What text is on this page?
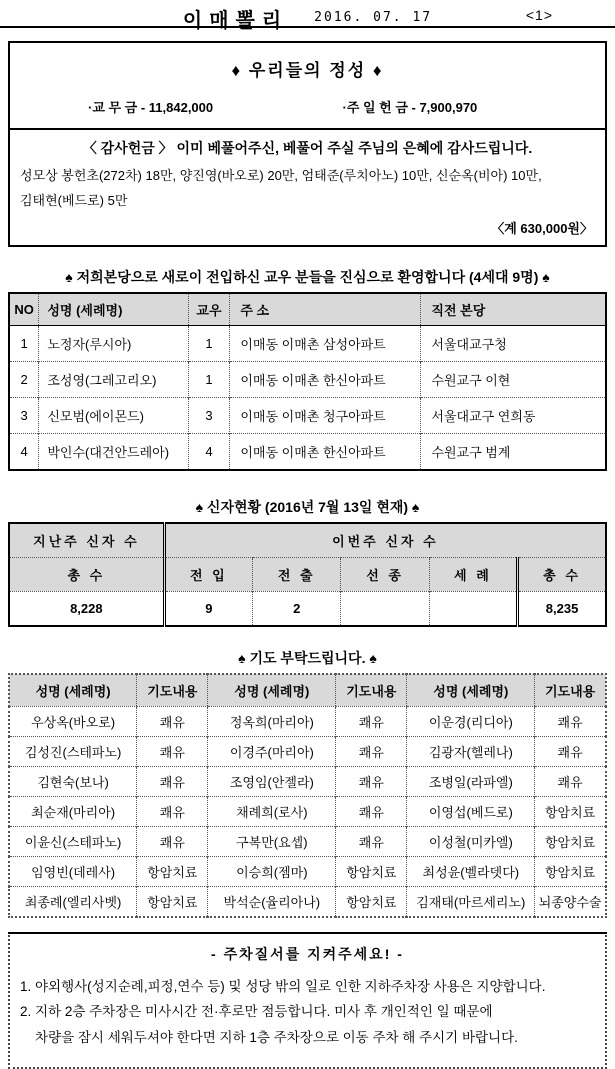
이매뽈리 2016. 07. 17	<1>
♦ 우리들의 정성 ♦
·교 무 금 - 11,842,000	·주 일 헌 금 - 7,900,970
〈 감사헌금 〉 이미 베풀어주신, 베풀어 주실 주님의 은혜에 감사드립니다.
성모상 봉헌초(272차) 18만, 양진영(바오로) 20만, 엄태준(루치아노) 10만, 신순옥(비아) 10만,
김태현(베드로) 5만
〈계 630,000원〉
♠ 저희본당으로 새로이 전입하신 교우 분들을 진심으로 환영합니다 (4세대 9명) ♠
NO	성명 (세례명)	교우	주 소	직전 본당
1	노정자(루시아)	1	이매동 이매촌 삼성아파트	서울대교구청
2	조성영(그레고리오)	1	이매동 이매촌 한신아파트	수원교구 이현
3	신모범(에이몬드)	3	이매동 이매촌 청구아파트	서울대교구 연희동
4	박인수(대건안드레아)	4	이매동 이매촌 한신아파트	수원교구 범계
♠ 신자현황 (2016년 7월 13일 현재) ♠
지난주 신자 수	이번주 신자 수				
총 수	전 입	전 출	선 종	세 례	총 수
8,228	9	2			8,235
♠ 기도 부탁드립니다. ♠
성명 (세례명)	기도내용	성명 (세례명)	기도내용	성명 (세례명)	기도내용
우상옥(바오로)	쾌유	정옥희(마리아)	쾌유	이운경(리디아)	쾌유
김성진(스테파노)	쾌유	이경주(마리아)	쾌유	김광자(헬레나)	쾌유
김현숙(보나)	쾌유	조영임(안젤라)	쾌유	조병일(라파엘)	쾌유
최순재(마리아)	쾌유	채례희(로사)	쾌유	이영섭(베드로)	항암치료
이윤신(스테파노)	쾌유	구복만(요셉)	쾌유	이성철(미카엘)	항암치료
임영빈(데레사)	항암치료	이승희(젬마)	항암치료	최성윤(벨라뎃다)	항암치료
최종례(엘리사벳)	항암치료	박석순(율리아나)	항암치료	김재태(마르세리노)	뇌종양수술
- 주차질서를 지켜주세요! -
1. 야외행사(성지순례,피정,연수 등) 및 성당 밖의 일로 인한 지하주차장 사용은 지양합니다.
2. 지하 2층 주차장은 미사시간 전·후로만 점등합니다. 미사 후 개인적인 일 때문에
차량을 잠시 세워두셔야 한다면 지하 1층 주차장으로 이동 주차 해 주시기 바랍니다.
